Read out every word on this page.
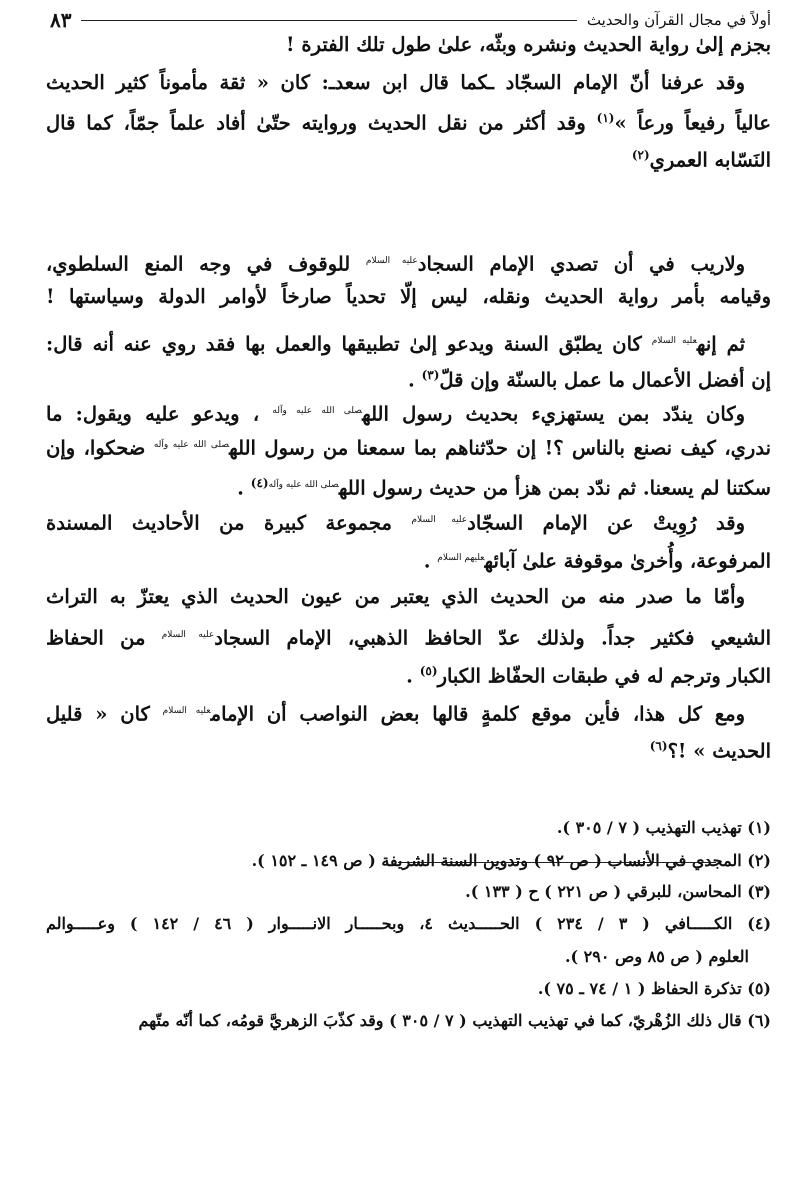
أولاً في مجال القرآن والحديث
٨٣
بجزم إلىٰ رواية الحديث ونشره وبثّه، علىٰ طول تلك الفترة !
وقد عرفنا أنّ الإمام السجّاد ـكما قال ابن سعدـ: كان « ثقة مأموناً كثير الحديث
عالياً رفيعاً ورعاً »$^{(١)}$ وقد أكثر من نقل الحديث وروايته حتّىٰ أفاد علماً جمّاً، كما قال
النَسّابه العمري$^{(٢)}$
ولاريب في أن تصدي الإمام السجاد$^{عليه السلام}$ للوقوف في وجه المنع السلطوي،
وقيامه بأمر رواية الحديث ونقله، ليس إلّا تحدياً صارخاً لأوامر الدولة وسياستها !
ثم إنه$^{عليه السلام}$ كان يطبّق السنة ويدعو إلىٰ تطبيقها والعمل بها فقد روي عنه أنه قال:
إن أفضل الأعمال ما عمل بالسنّة وإن قلّ$^{(٣)}$ .
وكان يندّد بمن يستهزيء بحديث رسول الله$^{صلى الله عليه وآله}$ ، ويدعو عليه ويقول: ما
ندري، كيف نصنع بالناس ؟! إن حدّثناهم بما سمعنا من رسول الله$^{صلى الله عليه وآله}$ ضحكوا، وإن
سكتنا لم يسعنا. ثم ندّد بمن هزأ من حديث رسول الله$^{صلى الله عليه وآله(٤)}$ .
وقد رُوِيتْ عن الإمام السجّاد$^{عليه السلام}$ مجموعة كبيرة من الأحاديث المسندة
المرفوعة، وأُخرىٰ موقوفة علىٰ آبائه$^{عليهم السلام}$ .
وأمّا ما صدر منه من الحديث الذي يعتبر من عيون الحديث الذي يعتزّ به التراث
الشيعي فكثير جداً. ولذلك عدّ الحافظ الذهبي، الإمام السجاد$^{عليه السلام}$ من الحفاظ
الكبار وترجم له في طبقات الحفّاظ الكبار$^{(٥)}$ .
ومع كل هذا، فأين موقع كلمةٍ قالها بعض النواصب أن الإمام$^{عليه السلام}$ كان « قليل
الحديث » !؟$^{(٦)}$
(١) تهذيب التهذيب ( ٧ / ٣٠٥ ).
(٢) المجدي في الأنساب ( ص ٩٢ ) وتدوين السنة الشريفة ( ص ١٤٩ ـ ١٥٢ ).
(٣) المحاسن، للبرقي ( ص ٢٢١ ) ح ( ١٣٣ ).
(٤) الكـــــافي ( ٣ / ٢٣٤ ) الحـــــديث ٤، وبحـــــار الانـــــوار ( ٤٦ / ١٤٢ ) وعـــــوالم
العلوم ( ص ٨٥ وص ٢٩٠ ).
(٥) تذكرة الحفاظ ( ١ / ٧٤ ـ ٧٥ ).
(٦) قال ذلك الزُهْريّ، كما في تهذيب التهذيب ( ٧ / ٣٠٥ ) وقد كذّبَ الزهريَّ قومُه، كما أنّه متّهم
